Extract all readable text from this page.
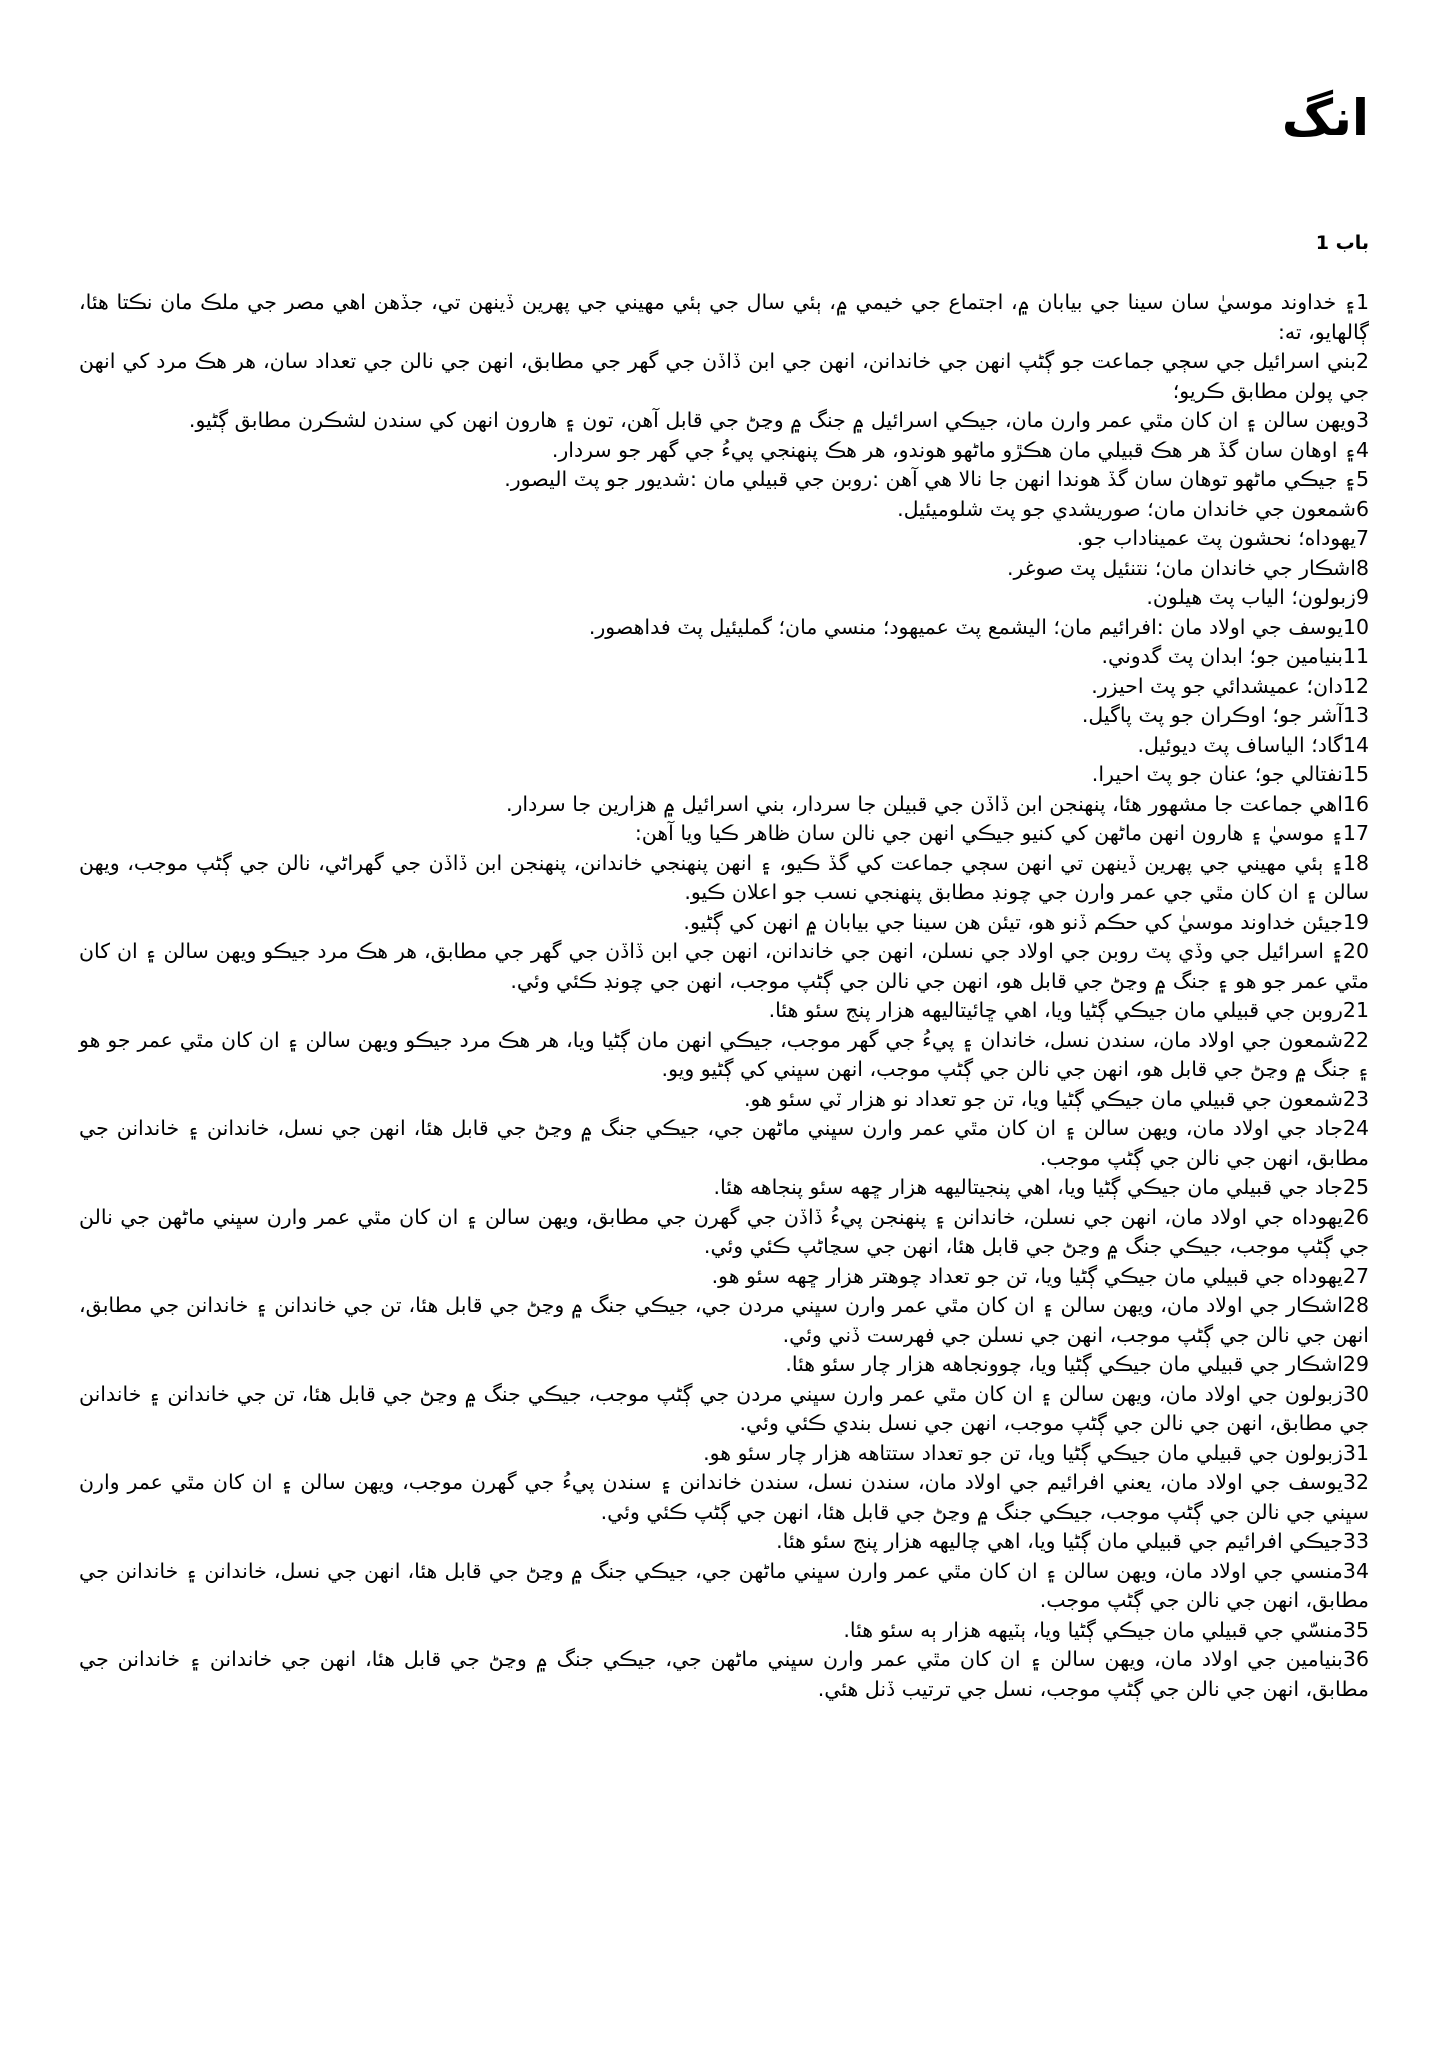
انگ
باب 1

1۽ خداوند موسيٰ سان سينا جي بيابان ۾، اجتماع جي خيمي ۾، ٻئي سال جي ٻئي مهيني جي پهرين ڏينهن تي، جڏهن اهي مصر جي ملڪ مان نڪتا هئا، ڳالهايو، ته:

2بني اسرائيل جي سڄي جماعت جو ڳڻپ انهن جي خاندانن، انهن جي ابن ڏاڏن جي گهر جي مطابق، انهن جي نالن جي تعداد سان، هر هڪ مرد کي انهن جي پولن مطابق ڪريو؛

3ويهن سالن ۽ ان کان مٿي عمر وارن مان، جيڪي اسرائيل ۾ جنگ ۾ وڃڻ جي قابل آهن، تون ۽ هارون انهن کي سندن لشڪرن مطابق ڳڻيو.

4۽ اوهان سان گڏ هر هڪ قبيلي مان هڪڙو ماڻهو هوندو، هر هڪ پنهنجي پيءُ جي گهر جو سردار.

5۽ جيڪي ماڻهو توهان سان گڏ هوندا انهن جا نالا هي آهن :روبن جي قبيلي مان :شديور جو پٽ اليصور.

6شمعون جي خاندان مان؛ صوريشدي جو پٽ شلوميئيل.

7يهوداه؛ نحشون پٽ عميناداب جو.

8اشڪار جي خاندان مان؛ نتنئيل پٽ صوغر.

9زبولون؛ الياب پٽ هيلون.

10يوسف جي اولاد مان :افرائيم مان؛ اليشمع پٽ عميهود؛ منسي مان؛ گمليئيل پٽ فداهصور.

11بنيامين جو؛ ابدان پٽ گدوني.

12دان؛ عميشدائي جو پٽ احيزر.

13آشر جو؛ اوڪران جو پٽ پاگيل.

14گاد؛ الياساف پٽ ديوئيل.

15نفتالي جو؛ عنان جو پٽ احيرا.

16اهي جماعت جا مشهور هئا، پنهنجن ابن ڏاڏن جي قبيلن جا سردار، بني اسرائيل ۾ هزارين جا سردار.

17۽ موسيٰ ۽ هارون انهن ماڻهن کي کنيو جيڪي انهن جي نالن سان ظاهر ڪيا ويا آهن:

18۽ ٻئي مهيني جي پهرين ڏينهن تي انهن سڄي جماعت کي گڏ ڪيو، ۽ انهن پنهنجي خاندانن، پنهنجن ابن ڏاڏن جي گهراڻي، نالن جي ڳڻپ موجب، ويهن سالن ۽ ان کان مٿي جي عمر وارن جي چونڊ مطابق پنهنجي نسب جو اعلان ڪيو.

19جيئن خداوند موسيٰ کي حڪم ڏنو هو، تيئن هن سينا جي بيابان ۾ انهن کي ڳڻيو.

20۽ اسرائيل جي وڏي پٽ روبن جي اولاد جي نسلن، انهن جي خاندانن، انهن جي ابن ڏاڏن جي گهر جي مطابق، هر هڪ مرد جيڪو ويهن سالن ۽ ان کان مٿي عمر جو هو ۽ جنگ ۾ وڃڻ جي قابل هو، انهن جي نالن جي ڳڻپ موجب، انهن جي چونڊ ڪئي وئي.

21روبن جي قبيلي مان جيڪي ڳڻيا ويا، اهي ڇائيتاليهه هزار پنج سئو هئا.

22شمعون جي اولاد مان، سندن نسل، خاندان ۽ پيءُ جي گهر موجب، جيڪي انهن مان ڳڻيا ويا، هر هڪ مرد جيڪو ويهن سالن ۽ ان کان مٿي عمر جو هو ۽ جنگ ۾ وڃڻ جي قابل هو، انهن جي نالن جي ڳڻپ موجب، انهن سڀني کي ڳڻيو ويو.

23شمعون جي قبيلي مان جيڪي ڳڻيا ويا، تن جو تعداد نو هزار ٽي سئو هو.

24جاد جي اولاد مان، ويهن سالن ۽ ان کان مٿي عمر وارن سڀني ماڻهن جي، جيڪي جنگ ۾ وڃڻ جي قابل هئا، انهن جي نسل، خاندانن ۽ خاندانن جي مطابق، انهن جي نالن جي ڳڻپ موجب.

25جاد جي قبيلي مان جيڪي ڳڻيا ويا، اهي پنجيتاليهه هزار ڇهه سئو پنجاهه هئا.

26يهوداه جي اولاد مان، انهن جي نسلن، خاندانن ۽ پنهنجن پيءُ ڏاڏن جي گهرن جي مطابق، ويهن سالن ۽ ان کان مٿي عمر وارن سڀني ماڻهن جي نالن جي ڳڻپ موجب، جيڪي جنگ ۾ وڃڻ جي قابل هئا، انهن جي سڃاڻپ ڪئي وئي.

27يهوداه جي قبيلي مان جيڪي ڳڻيا ويا، تن جو تعداد چوهتر هزار ڇهه سئو هو.

28اشڪار جي اولاد مان، ويهن سالن ۽ ان کان مٿي عمر وارن سڀني مردن جي، جيڪي جنگ ۾ وڃڻ جي قابل هئا، تن جي خاندانن ۽ خاندانن جي مطابق، انهن جي نالن جي ڳڻپ موجب، انهن جي نسلن جي فهرست ڏني وئي.

29اشڪار جي قبيلي مان جيڪي ڳڻيا ويا، چوونجاهه هزار چار سئو هئا.

30زبولون جي اولاد مان، ويهن سالن ۽ ان کان مٿي عمر وارن سڀني مردن جي ڳڻپ موجب، جيڪي جنگ ۾ وڃڻ جي قابل هئا، تن جي خاندانن ۽ خاندانن جي مطابق، انهن جي نالن جي ڳڻپ موجب، انهن جي نسل بندي ڪئي وئي.

31زبولون جي قبيلي مان جيڪي ڳڻيا ويا، تن جو تعداد ستتاهه هزار چار سئو هو.

32يوسف جي اولاد مان، يعني افرائيم جي اولاد مان، سندن نسل، سندن خاندانن ۽ سندن پيءُ جي گهرن موجب، ويهن سالن ۽ ان کان مٿي عمر وارن سڀني جي نالن جي ڳڻپ موجب، جيڪي جنگ ۾ وڃڻ جي قابل هئا، انهن جي ڳڻپ ڪئي وئي.

33جيڪي افرائيم جي قبيلي مان ڳڻيا ويا، اهي چاليهه هزار پنج سئو هئا.

34منسي جي اولاد مان، ويهن سالن ۽ ان کان مٿي عمر وارن سڀني ماڻهن جي، جيڪي جنگ ۾ وڃڻ جي قابل هئا، انهن جي نسل، خاندانن ۽ خاندانن جي مطابق، انهن جي نالن جي ڳڻپ موجب.

35منسّي جي قبيلي مان جيڪي ڳڻيا ويا، ٻٽيهه هزار ٻه سئو هئا.

36بنيامين جي اولاد مان، ويهن سالن ۽ ان کان مٿي عمر وارن سڀني ماڻهن جي، جيڪي جنگ ۾ وڃڻ جي قابل هئا، انهن جي خاندانن ۽ خاندانن جي مطابق، انهن جي نالن جي ڳڻپ موجب، نسل جي ترتيب ڏنل هئي.
